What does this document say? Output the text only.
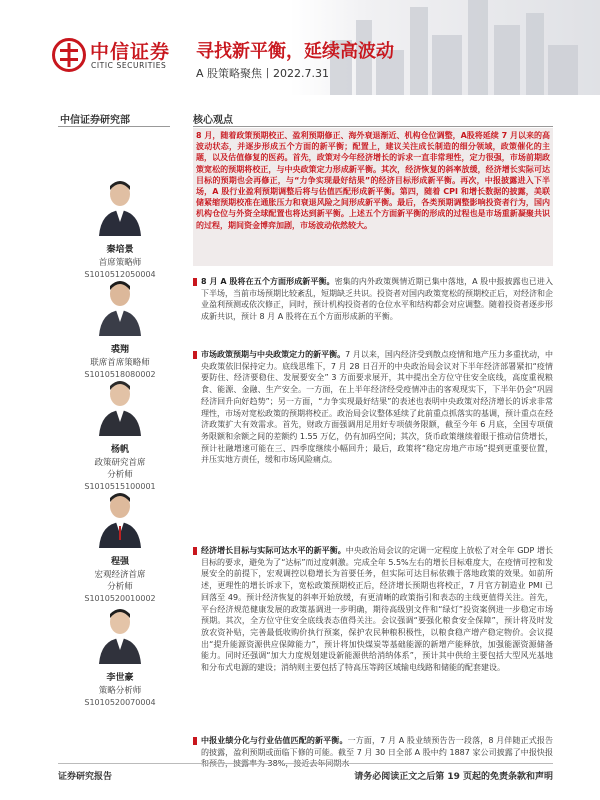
中信证券
CITIC SECURITIES
寻找新平衡，延续高波动
A 股策略聚焦丨2022.7.31
中信证券研究部
秦培景
首席策略师
S1010512050004
裘翔
联席首席策略师
S1010518080002
杨帆
政策研究首席
分析师
S1010515100001
程强
宏观经济首席
分析师
S1010520010002
李世豪
策略分析师
S1010520070004
核心观点
8 月，随着政策预期校正、盈利预期修正、海外衰退渐近、机构仓位调整，A股将延续 7 月以来的高波动状态，并逐步形成五个方面的新平衡；配置上，建议关注成长制造的细分领域，政策催化的主题，以及估值修复的医药。首先，政策对今年经济增长的诉求一直非常理性，定力很强，市场前期政策宽松的预期将校正，与中央政策定力形成新平衡。其次，经济恢复的斜率放缓，经济增长实际可达目标的预期也会再修正，与“力争实现最好结果”的经济目标形成新平衡。再次，中报披露进入下半场，A 股行业盈利预期调整后将与估值匹配形成新平衡。第四，随着 CPI 和增长数据的披露，美联储紧缩预期校准在通胀压力和衰退风险之间形成新平衡。最后，各类预期调整影响投资者行为，国内机构仓位与外资全球配置也将达到新平衡。上述五个方面新平衡的形成的过程也是市场重新凝聚共识的过程，期间资金博弈加剧，市场波动依然较大。
8 月 A 股将在五个方面形成新平衡。密集的内外政策舆情近期已集中落地，A 股中报披露也已进入下半场，当前市场预期比较紊乱，短期缺乏共识。投资者对国内政策宽松的预期校正后，对经济和企业盈利预测或依次修正，同时，预计机构投资者的仓位水平和结构都会对应调整。随着投资者逐步形成新共识，预计 8 月 A 股将在五个方面形成新的平衡。
市场政策预期与中央政策定力的新平衡。7 月以来，国内经济受到散点疫情和地产压力多重扰动，中央政策依旧保持定力。底线思维下，7 月 28 日召开的中央政治局会议对下半年经济部署紧扣“疫情要防住、经济要稳住、发展要安全” 3 方面要求展开，其中提出全方位守住安全底线，高度重视粮食、能源、金融、生产安全。一方面，在上半年经济经受疫情冲击的客观现实下，下半年仍会“巩固经济回升向好趋势”；另一方面，“力争实现最好结果”的表述也表明中央政策对经济增长的诉求非常理性，市场对宽松政策的预期将校正。政治局会议整体延续了此前重点抓落实的基调，预计重点在经济政策扩大有效需求。首先，财政方面强调用足用好专项债务限额，截至今年 6 月底，全国专项债务限额和余额之间的差额约 1.55 万亿，仍有加码空间；其次，货币政策继续着眼于推动信贷增长，预计社融增速可能在三、四季度继续小幅回升；最后，政策将“稳定房地产市场”提到更重要位置，并压实地方责任，缓和市场风险痛点。
经济增长目标与实际可达水平的新平衡。中央政治局会议的定调一定程度上放松了对全年 GDP 增长目标的要求，避免为了“达标”而过度刺激。完成全年 5.5%左右的增长目标难度大，在疫情可控和发展安全的前提下，宏观调控以稳增长为首要任务，但实际可达目标依赖于落地政策的效果。如前所述，更理性的增长诉求下，宽松政策预期校正后，经济增长预期也将校正，7 月官方制造业 PMI 已回落至 49。预计经济恢复的斜率开始放缓，有更清晰的政策指引和表态的主线更值得关注。首先，平台经济规范健康发展的政策基调进一步明确，期待高级别文件和“绿灯”投资案例进一步稳定市场预期。其次，全方位守住安全底线表态值得关注。会议强调“要强化粮食安全保障”，预计将及时发放农资补贴，完善最低收购价执行预案，保护农民种粮积极性，以粮食稳产增产稳定物价。会议提出“提升能源资源供应保障能力”，预计将加快煤炭等基础能源的新增产能释放，加强能源资源储备能力。同时还强调“加大力度规划建设新能源供给消纳体系”，预计其中供给主要包括大型风光基地和分布式电源的建设；消纳则主要包括了特高压等跨区域输电线路和储能的配套建设。
中报业绩分化与行业估值匹配的新平衡。一方面，7 月 A 股业绩预告告一段落，8 月伴随正式报告的披露，盈利预期或面临下修的可能。截至 7 月 30 日全部 A 股中约 1887 家公司披露了中报快报
证券研究报告	请务必阅读正文之后第 19 页起的免责条款和声明
